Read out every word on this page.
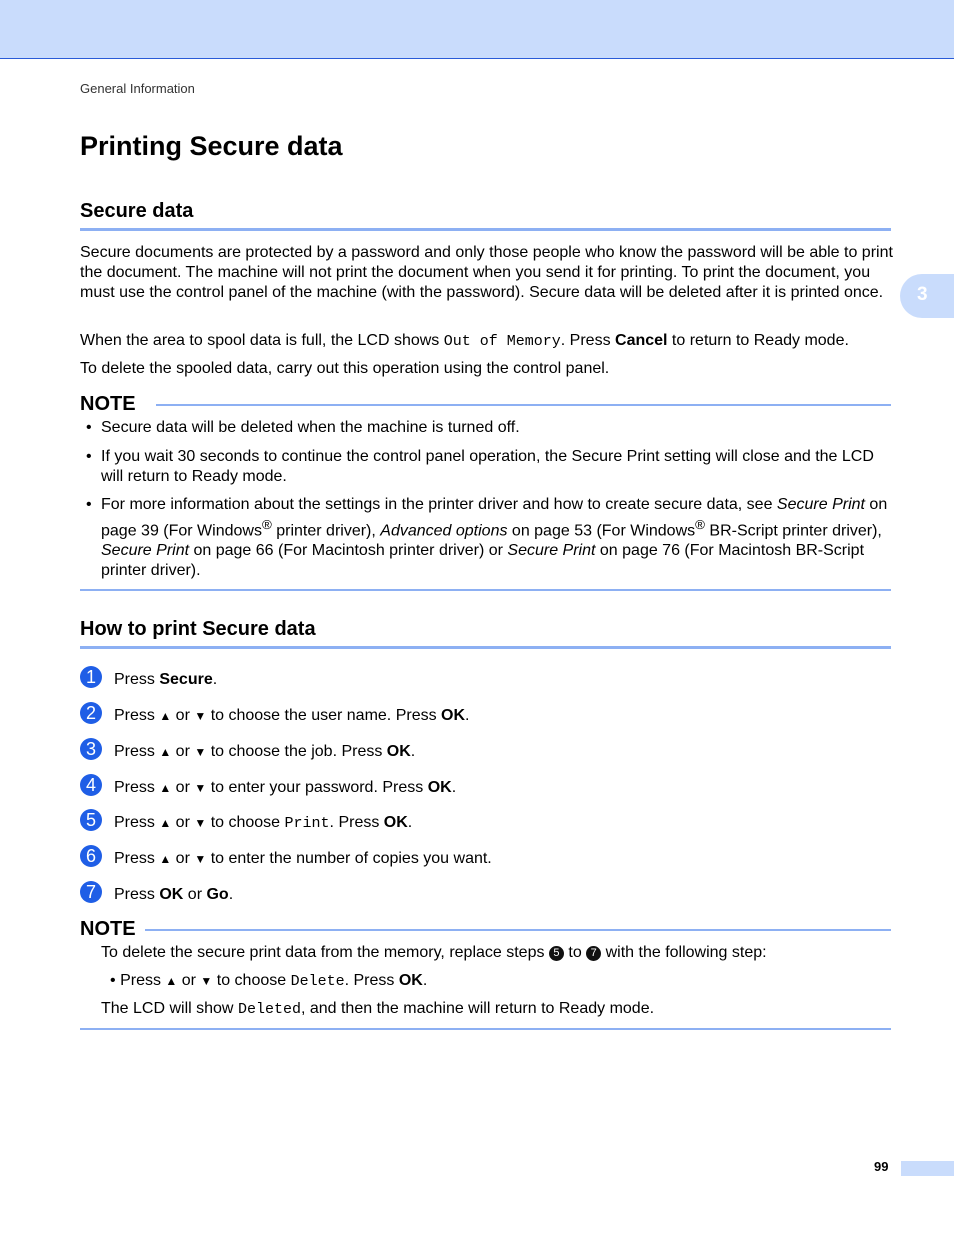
General Information
Printing Secure data
Secure data
Secure documents are protected by a password and only those people who know the password will be able to print the document. The machine will not print the document when you send it for printing. To print the document, you must use the control panel of the machine (with the password). Secure data will be deleted after it is printed once.
When the area to spool data is full, the LCD shows Out of Memory. Press Cancel to return to Ready mode.
To delete the spooled data, carry out this operation using the control panel.
NOTE
• Secure data will be deleted when the machine is turned off.
• If you wait 30 seconds to continue the control panel operation, the Secure Print setting will close and the LCD will return to Ready mode.
• For more information about the settings in the printer driver and how to create secure data, see Secure Print on page 39 (For Windows® printer driver), Advanced options on page 53 (For Windows® BR-Script printer driver), Secure Print on page 66 (For Macintosh printer driver) or Secure Print on page 76 (For Macintosh BR-Script printer driver).
How to print Secure data
1	Press Secure.
2	Press ▲ or ▼ to choose the user name. Press OK.
3	Press ▲ or ▼ to choose the job. Press OK.
4	Press ▲ or ▼ to enter your password. Press OK.
5	Press ▲ or ▼ to choose Print. Press OK.
6	Press ▲ or ▼ to enter the number of copies you want.
7	Press OK or Go.
NOTE
To delete the secure print data from the memory, replace steps 5 to 7 with the following step:
• Press ▲ or ▼ to choose Delete. Press OK.
The LCD will show Deleted, and then the machine will return to Ready mode.
3
99
